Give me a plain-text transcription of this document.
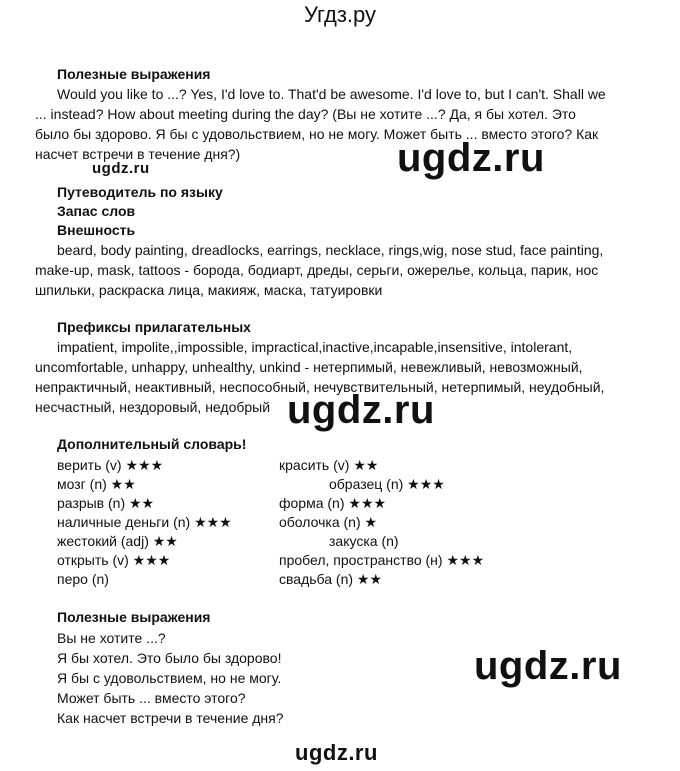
Угдз.ру
Полезные выражения
Would you like to ...? Yes, I'd love to. That'd be awesome. I'd love to, but I can't. Shall we
... instead? How about meeting during the day? (Вы не хотите ...? Да, я бы хотел. Это
было бы здорово. Я бы с удовольствием, но не могу. Может быть ... вместо этого? Как
насчет встречи в течение дня?)
ugdz.ru	ugdz.ru
Путеводитель по языку
Запас слов
Внешность
beard, body painting, dreadlocks, earrings, necklace, rings,wig, nose stud, face painting,
make-up, mask, tattoos - борода, бодиарт, дреды, серьги, ожерелье, кольца, парик, нос
шпильки, раскраска лица, макияж, маска, татуировки
Префиксы прилагательных
impatient, impolite,,impossible, impractical,inactive,incapable,insensitive, intolerant,
uncomfortable, unhappy, unhealthy, unkind - нетерпимый, невежливый, невозможный,
непрактичный, неактивный, неспособный, нечувствительный, нетерпимый, неудобный,
несчастный, нездоровый, недобрый ugdz.ru
Дополнительный словарь!
верить (v) ★★★
мозг (n) ★★
разрыв (n) ★★
наличные деньги (n) ★★★
жестокий (adj) ★★
открыть (v) ★★★
перо (n)
красить (v) ★★
образец (n) ★★★
форма (n) ★★★
оболочка (n) ★
закуска (n)
пробел, пространство (н) ★★★
свадьба (n) ★★
Полезные выражения
Вы не хотите ...?
Я бы хотел. Это было бы здорово!
Я бы с удовольствием, но не могу.
Может быть ... вместо этого?
Как насчет встречи в течение дня?
ugdz.ru
ugdz.ru
